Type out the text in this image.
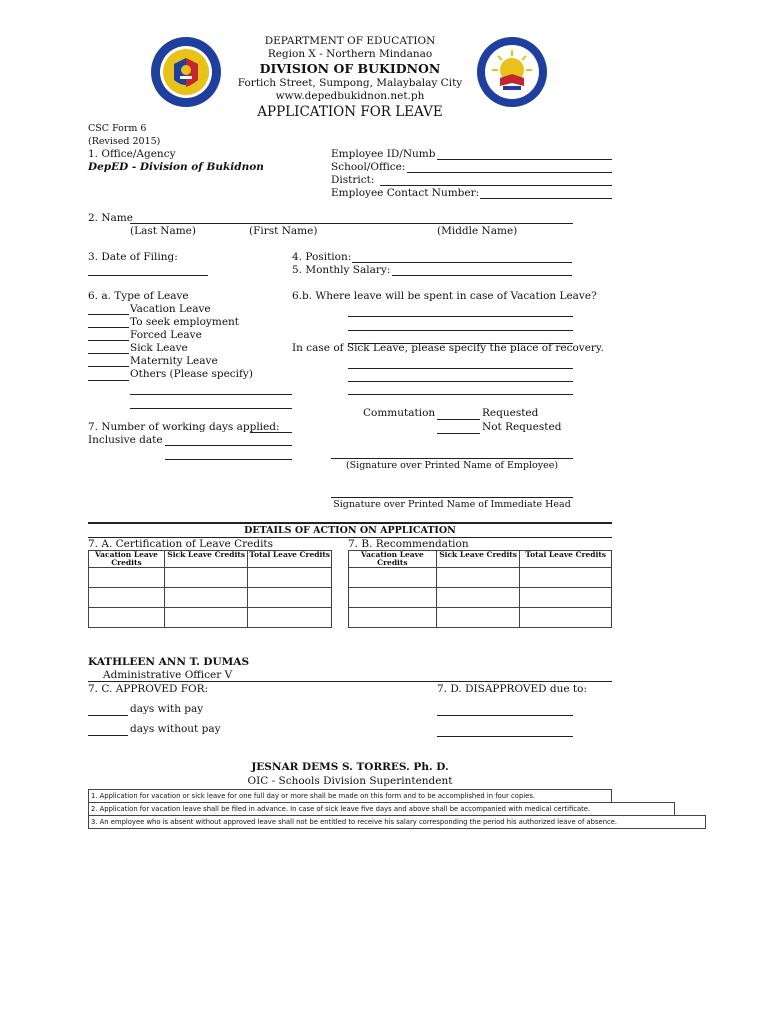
DEPARTMENT OF EDUCATION
Region X - Northern Mindanao
DIVISION OF BUKIDNON
Fortich Street, Sumpong, Malaybalay City
www.depedbukidnon.net.ph
APPLICATION FOR LEAVE
CSC Form 6
(Revised 2015)
1. Office/Agency
DepED - Division of Bukidnon
Employee ID/Numb
School/Office:
District:
Employee Contact Number:
2. Name
(Last Name)	(First Name)	(Middle Name)
3. Date of Filing:	4. Position:
5. Monthly Salary:
6. a. Type of Leave
Vacation Leave
To seek employment
Forced Leave
Sick Leave
Maternity Leave
Others (Please specify)
6.b. Where leave will be spent in case of Vacation Leave?
In case of Sick Leave, please specify the place of recovery.
Commutation	Requested
Not Requested
7. Number of working days applied:
Inclusive date
(Signature over Printed Name of Employee)
Signature over Printed Name of Immediate Head
DETAILS OF ACTION ON APPLICATION
7. A. Certification of Leave Credits	7. B. Recommendation
Vacation Leave Credits	Sick Leave Credits	Total Leave Credits

			Vacation Leave Credits	Sick Leave Credits	Total Leave Credits

KATHLEEN ANN T. DUMAS
Administrative Officer V
7. C. APPROVED FOR:	7. D. DISAPPROVED due to:
days with pay
days without pay
JESNAR DEMS S. TORRES. Ph. D.
OIC - Schools Division Superintendent
1. Application for vacation or sick leave for one full day or more shall be made on this form and to be accomplished in four copies.
2. Application for vacation leave shall be filed in advance. In case of sick leave five days and above shall be accompanied with medical certificate.
3. An employee who is absent without approved leave shall not be entitled to receive his salary corresponding the period his authorized leave of absence.
